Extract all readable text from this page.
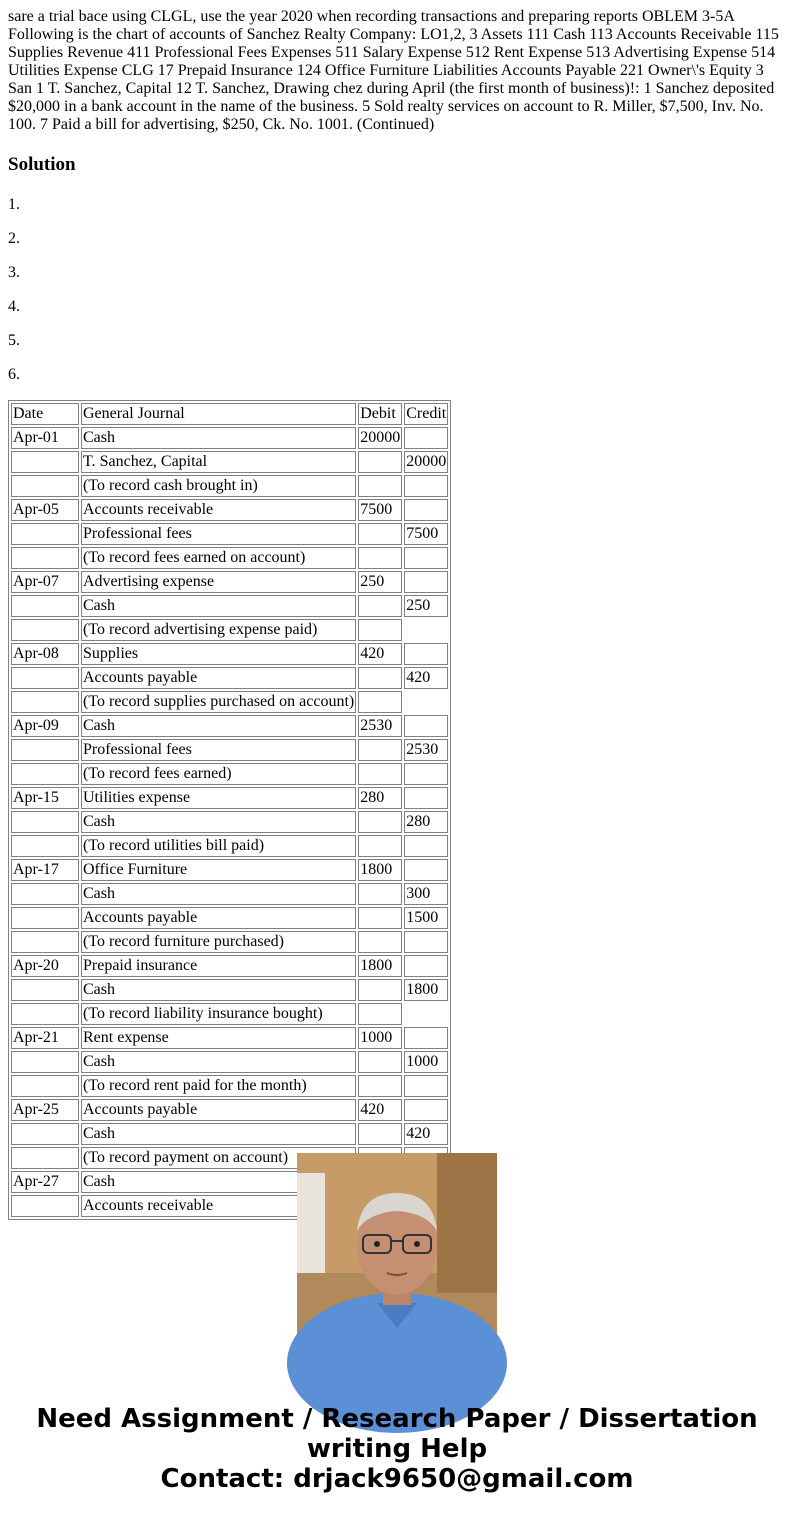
sare a trial bace using CLGL, use the year 2020 when recording transactions and preparing reports OBLEM 3-5A Following is the chart of accounts of Sanchez Realty Company: LO1,2, 3 Assets 111 Cash 113 Accounts Receivable 115 Supplies Revenue 411 Professional Fees Expenses 511 Salary Expense 512 Rent Expense 513 Advertising Expense 514 Utilities Expense CLG 17 Prepaid Insurance 124 Office Furniture Liabilities Accounts Payable 221 Owner\'s Equity 3 San 1 T. Sanchez, Capital 12 T. Sanchez, Drawing chez during April (the first month of business)!: 1 Sanchez deposited $20,000 in a bank account in the name of the business. 5 Sold realty services on account to R. Miller, $7,500, Inv. No. 100. 7 Paid a bill for advertising, $250, Ck. No. 1001. (Continued)

Solution

1.

2.

3.

4.

5.

6.

Date	General Journal	Debit	Credit
Apr-01	Cash	20000	
	T. Sanchez, Capital		20000
	(To record cash brought in)		
Apr-05	Accounts receivable	7500	
	Professional fees		7500
	(To record fees earned on account)		
Apr-07	Advertising expense	250	
	Cash		250
	(To record advertising expense paid)		
Apr-08	Supplies	420	
	Accounts payable		420
	(To record supplies purchased on account)		
Apr-09	Cash	2530	
	Professional fees		2530
	(To record fees earned)		
Apr-15	Utilities expense	280	
	Cash		280
	(To record utilities bill paid)		
Apr-17	Office Furniture	1800	
	Cash		300
	Accounts payable		1500
	(To record furniture purchased)		
Apr-20	Prepaid insurance	1800	
	Cash		1800
	(To record liability insurance bought)		
Apr-21	Rent expense	1000	
	Cash		1000
	(To record rent paid for the month)		
Apr-25	Accounts payable	420	
	Cash		420
	(To record payment on account)		
Apr-27	Cash		
	Accounts receivable		
Need Assignment / Research Paper / Dissertation
writing Help
Contact: drjack9650@gmail.com
